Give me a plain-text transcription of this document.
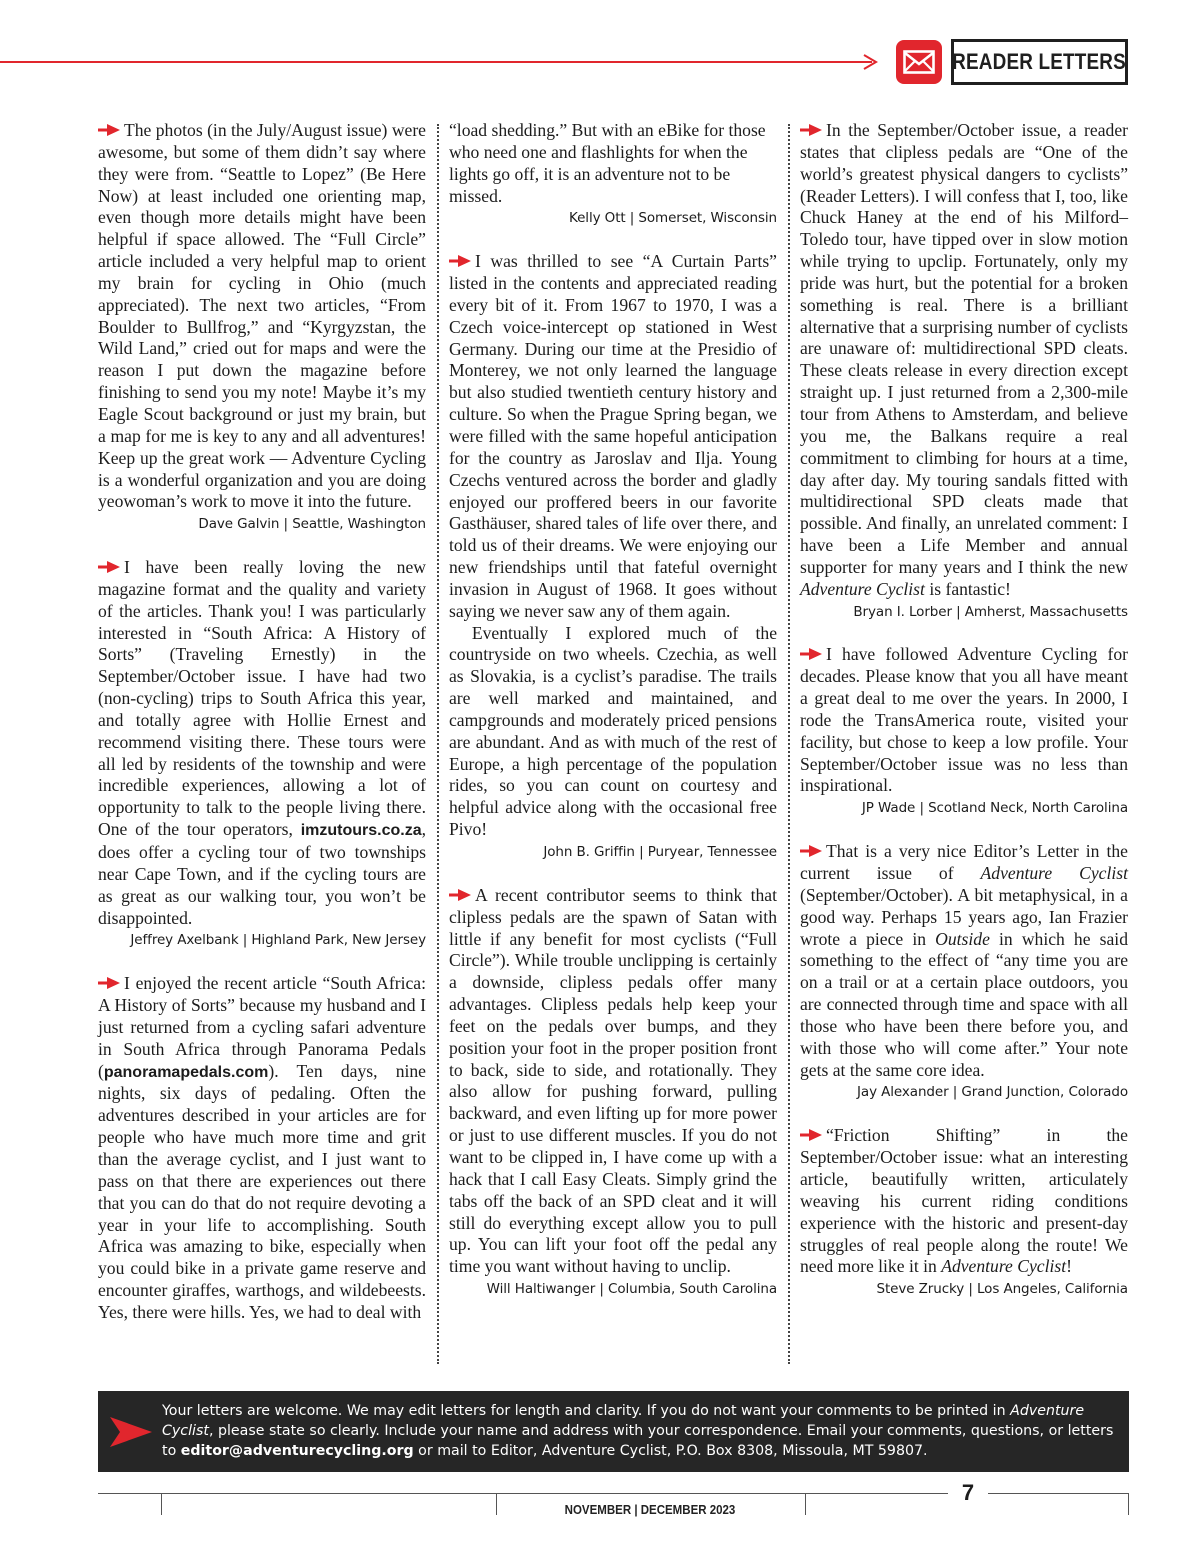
READER LETTERS

The photos (in the July/August issue) were awesome, but some of them didn’t say where they were from. “Seattle to Lopez” (Be Here Now) at least included one orienting map, even though more details might have been helpful if space allowed. The “Full Circle” article included a very helpful map to orient my brain for cycling in Ohio (much appreciated). The next two articles, “From Boulder to Bullfrog,” and “Kyrgyzstan, the Wild Land,” cried out for maps and were the reason I put down the magazine before finishing to send you my note! Maybe it’s my Eagle Scout background or just my brain, but a map for me is key to any and all adventures! Keep up the great work — Adventure Cycling is a wonderful organization and you are doing yeowoman’s work to move it into the future.

Dave Galvin | Seattle, Washington

I have been really loving the new magazine format and the quality and variety of the articles. Thank you! I was particularly interested in “South Africa: A History of Sorts” (Traveling Ernestly) in the September/October issue. I have had two (non-cycling) trips to South Africa this year, and totally agree with Hollie Ernest and recommend visiting there. These tours were all led by residents of the township and were incredible experiences, allowing a lot of opportunity to talk to the people living there. One of the tour operators, imzutours.co.za, does offer a cycling tour of two townships near Cape Town, and if the cycling tours are as great as our walking tour, you won’t be disappointed.

Jeffrey Axelbank | Highland Park, New Jersey

I enjoyed the recent article “South Africa: A History of Sorts” because my husband and I just returned from a cycling safari adventure in South Africa through Panorama Pedals (panoramapedals.com). Ten days, nine nights, six days of pedaling. Often the adventures described in your articles are for people who have much more time and grit than the average cyclist, and I just want to pass on that there are experiences out there that you can do that do not require devoting a year in your life to accomplishing. South Africa was amazing to bike, especially when you could bike in a private game reserve and encounter giraffes, warthogs, and wildebeests. Yes, there were hills. Yes, we had to deal with

“load shedding.” But with an eBike for those who need one and flashlights for when the lights go off, it is an adventure not to be missed.

Kelly Ott | Somerset, Wisconsin

I was thrilled to see “A Curtain Parts” listed in the contents and appreciated reading every bit of it. From 1967 to 1970, I was a Czech voice-intercept op stationed in West Germany. During our time at the Presidio of Monterey, we not only learned the language but also studied twentieth century history and culture. So when the Prague Spring began, we were filled with the same hopeful anticipation for the country as Jaroslav and Ilja. Young Czechs ventured across the border and gladly enjoyed our proffered beers in our favorite Gasthäuser, shared tales of life over there, and told us of their dreams. We were enjoying our new friendships until that fateful overnight invasion in August of 1968. It goes without saying we never saw any of them again.

Eventually I explored much of the countryside on two wheels. Czechia, as well as Slovakia, is a cyclist’s paradise. The trails are well marked and maintained, and campgrounds and moderately priced pensions are abundant. And as with much of the rest of Europe, a high percentage of the population rides, so you can count on courtesy and helpful advice along with the occasional free Pivo!

John B. Griffin | Puryear, Tennessee

A recent contributor seems to think that clipless pedals are the spawn of Satan with little if any benefit for most cyclists (“Full Circle”). While trouble unclipping is certainly a downside, clipless pedals offer many advantages. Clipless pedals help keep your feet on the pedals over bumps, and they position your foot in the proper position front to back, side to side, and rotationally. They also allow for pushing forward, pulling backward, and even lifting up for more power or just to use different muscles. If you do not want to be clipped in, I have come up with a hack that I call Easy Cleats. Simply grind the tabs off the back of an SPD cleat and it will still do everything except allow you to pull up. You can lift your foot off the pedal any time you want without having to unclip.

Will Haltiwanger | Columbia, South Carolina

In the September/October issue, a reader states that clipless pedals are “One of the world’s greatest physical dangers to cyclists” (Reader Letters). I will confess that I, too, like Chuck Haney at the end of his Milford–Toledo tour, have tipped over in slow motion while trying to upclip. Fortunately, only my pride was hurt, but the potential for a broken something is real. There is a brilliant alternative that a surprising number of cyclists are unaware of: multidirectional SPD cleats. These cleats release in every direction except straight up. I just returned from a 2,300-mile tour from Athens to Amsterdam, and believe you me, the Balkans require a real commitment to climbing for hours at a time, day after day. My touring sandals fitted with multidirectional SPD cleats made that possible. And finally, an unrelated comment: I have been a Life Member and annual supporter for many years and I think the new Adventure Cyclist is fantastic!

Bryan I. Lorber | Amherst, Massachusetts

I have followed Adventure Cycling for decades. Please know that you all have meant a great deal to me over the years. In 2000, I rode the TransAmerica route, visited your facility, but chose to keep a low profile. Your September/October issue was no less than inspirational.

JP Wade | Scotland Neck, North Carolina

That is a very nice Editor’s Letter in the current issue of Adventure Cyclist (September/October). A bit metaphysical, in a good way. Perhaps 15 years ago, Ian Frazier wrote a piece in Outside in which he said something to the effect of “any time you are on a trail or at a certain place outdoors, you are connected through time and space with all those who have been there before you, and with those who will come after.” Your note gets at the same core idea.

Jay Alexander | Grand Junction, Colorado

“Friction Shifting” in the September/October issue: what an interesting article, beautifully written, articulately weaving his current riding conditions experience with the historic and present-day struggles of real people along the route! We need more like it in Adventure Cyclist!

Steve Zrucky | Los Angeles, California
Your letters are welcome. We may edit letters for length and clarity. If you do not want your comments to be printed in Adventure Cyclist, please state so clearly. Include your name and address with your correspondence. Email your comments, questions, or letters to editor@adventurecycling.org or mail to Editor, Adventure Cyclist, P.O. Box 8308, Missoula, MT 59807.
7
NOVEMBER | DECEMBER 2023
